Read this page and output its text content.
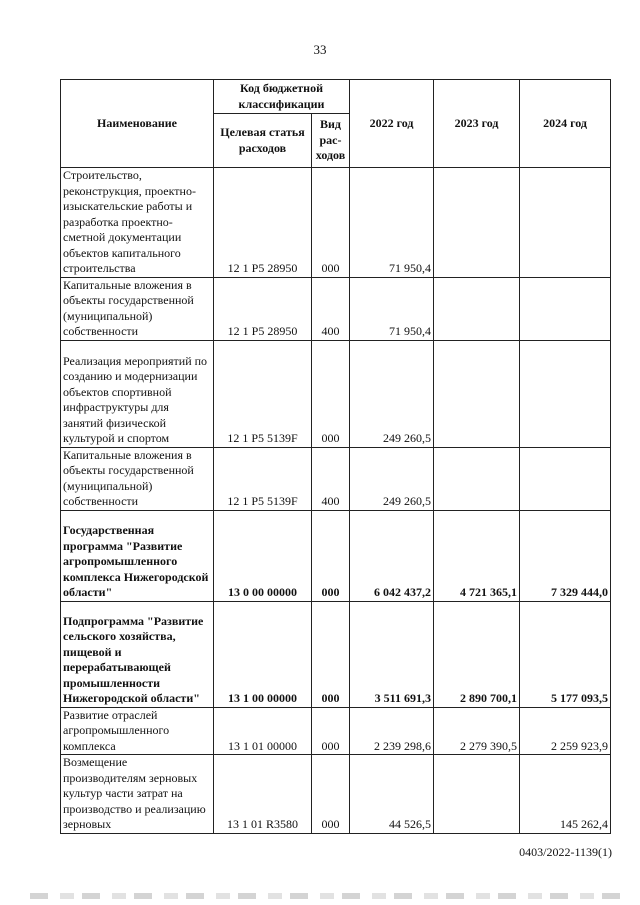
33
Наименование	Код бюджетной классификации		2022 год	2023 год	2024 год
	Целевая статья расходов	Вид рас-ходов			
Строительство, реконструкция, проектно-изыскательские работы и разработка проектно-сметной документации объектов капитального строительства	12 1 P5 28950	000	71 950,4		
Капитальные вложения в объекты государственной (муниципальной) собственности	12 1 P5 28950	400	71 950,4		
Реализация мероприятий по созданию и модернизации объектов спортивной инфраструктуры для занятий физической культурой и спортом	12 1 P5 5139F	000	249 260,5		
Капитальные вложения в объекты государственной (муниципальной) собственности	12 1 P5 5139F	400	249 260,5		
Государственная программа "Развитие агропромышленного комплекса Нижегородской области"	13 0 00 00000	000	6 042 437,2	4 721 365,1	7 329 444,0
Подпрограмма "Развитие сельского хозяйства, пищевой и перерабатывающей промышленности Нижегородской области"	13 1 00 00000	000	3 511 691,3	2 890 700,1	5 177 093,5
Развитие отраслей агропромышленного комплекса	13 1 01 00000	000	2 239 298,6	2 279 390,5	2 259 923,9
Возмещение производителям зерновых культур части затрат на производство и реализацию зерновых	13 1 01 R3580	000	44 526,5		145 262,4
0403/2022-1139(1)
